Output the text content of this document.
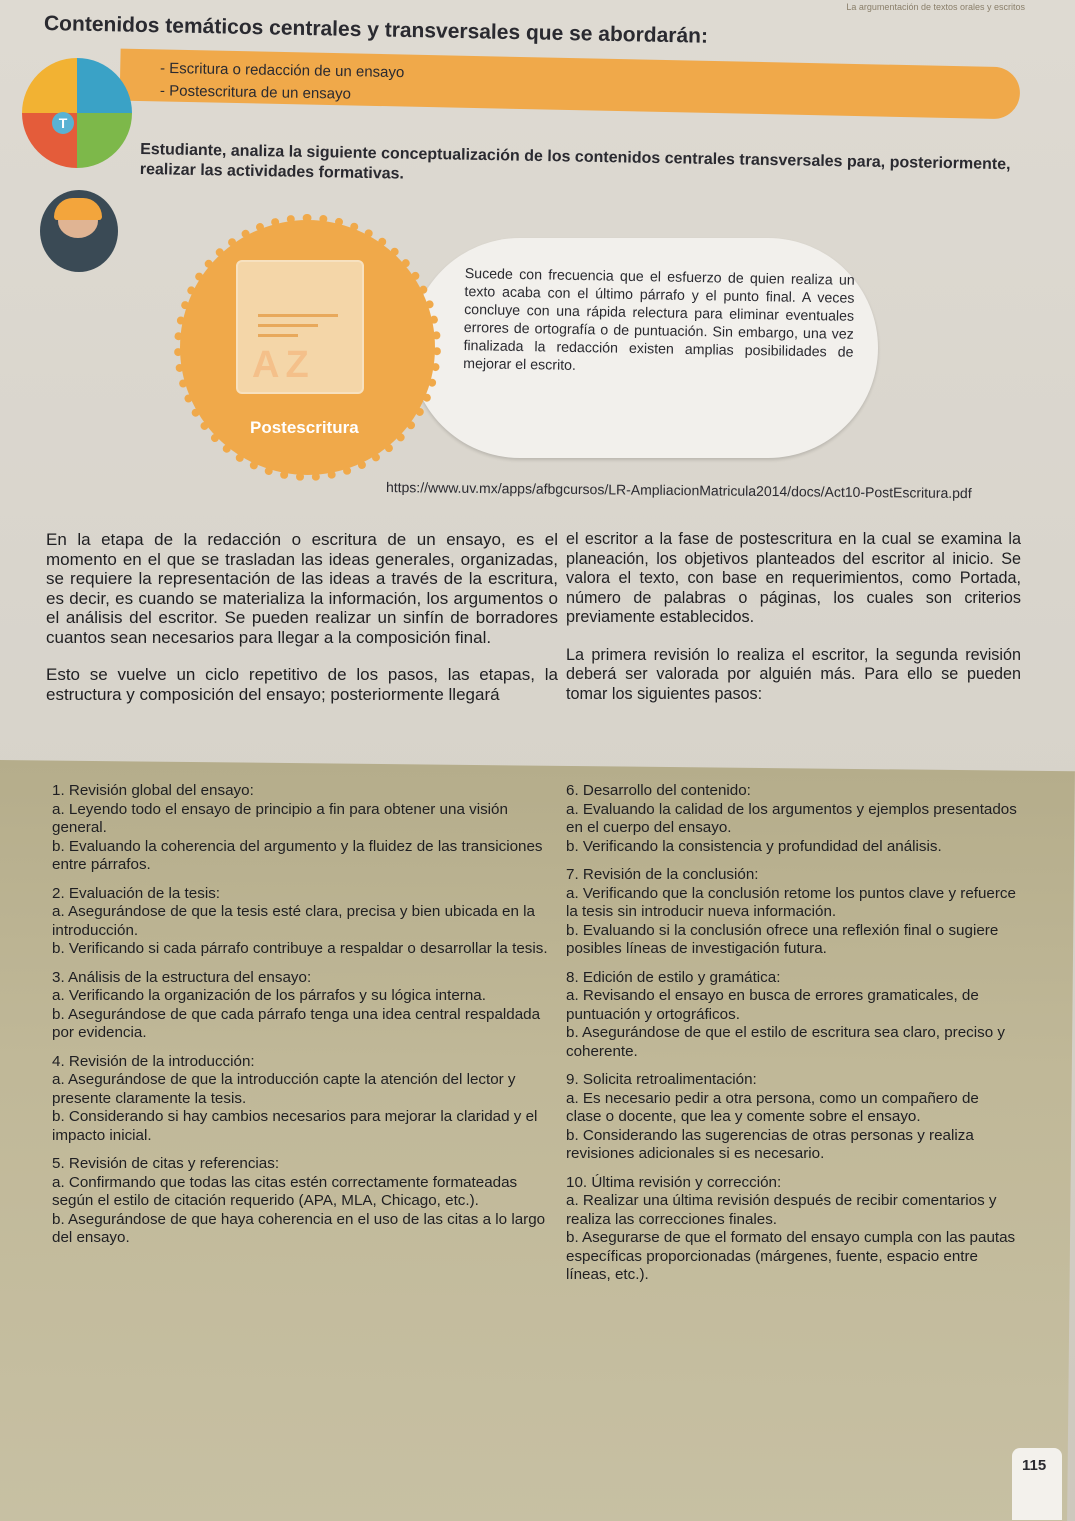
La argumentación de textos orales y escritos
Contenidos temáticos centrales y transversales que se abordarán:
- Escritura o redacción de un ensayo
- Postescritura de un ensayo
T
Estudiante, analiza la siguiente conceptualización de los contenidos centrales transversales para, posteriormente, realizar las actividades formativas.
AZ
Postescritura
Sucede con frecuencia que el esfuerzo de quien realiza un texto acaba con el último párrafo y el punto final. A veces concluye con una rápida relectura para eliminar eventuales errores de ortografía o de puntuación. Sin embargo, una vez finalizada la redacción existen amplias posibilidades de mejorar el escrito.
https://www.uv.mx/apps/afbgcursos/LR-AmpliacionMatricula2014/docs/Act10-PostEscritura.pdf

En la etapa de la redacción o escritura de un ensayo, es el momento en el que se trasladan las ideas generales, organizadas, se requiere la representación de las ideas a través de la escritura, es decir, es cuando se materializa la información, los argumentos o el análisis del escritor. Se pueden realizar un sinfín de borradores cuantos sean necesarios para llegar a la composición final.

Esto se vuelve un ciclo repetitivo de los pasos, las etapas, la estructura y composición del ensayo; posteriormente llegará

el escritor a la fase de postescritura en la cual se examina la planeación, los objetivos planteados del escritor al inicio. Se valora el texto, con base en requerimientos, como Portada, número de palabras o páginas, los cuales son criterios previamente establecidos.

La primera revisión lo realiza el escritor, la segunda revisión deberá ser valorada por alguién más. Para ello se pueden tomar los siguientes pasos:

1. Revisión global del ensayo:
a. Leyendo todo el ensayo de principio a fin para obtener una visión general.
b. Evaluando la coherencia del argumento y la fluidez de las transiciones entre párrafos.
2. Evaluación de la tesis:
a. Asegurándose de que la tesis esté clara, precisa y bien ubicada en la introducción.
b. Verificando si cada párrafo contribuye a respaldar o desarrollar la tesis.
3. Análisis de la estructura del ensayo:
a. Verificando la organización de los párrafos y su lógica interna.
b. Asegurándose de que cada párrafo tenga una idea central respaldada por evidencia.
4. Revisión de la introducción:
a. Asegurándose de que la introducción capte la atención del lector y presente claramente la tesis.
b. Considerando si hay cambios necesarios para mejorar la claridad y el impacto inicial.
5. Revisión de citas y referencias:
a. Confirmando que todas las citas estén correctamente formateadas según el estilo de citación requerido (APA, MLA, Chicago, etc.).
b. Asegurándose de que haya coherencia en el uso de las citas a lo largo del ensayo.
6. Desarrollo del contenido:
a. Evaluando la calidad de los argumentos y ejemplos presentados en el cuerpo del ensayo.
b. Verificando la consistencia y profundidad del análisis.
7. Revisión de la conclusión:
a. Verificando que la conclusión retome los puntos clave y refuerce la tesis sin introducir nueva información.
b. Evaluando si la conclusión ofrece una reflexión final o sugiere posibles líneas de investigación futura.
8. Edición de estilo y gramática:
a. Revisando el ensayo en busca de errores gramaticales, de puntuación y ortográficos.
b. Asegurándose de que el estilo de escritura sea claro, preciso y coherente.
9. Solicita retroalimentación:
a. Es necesario pedir a otra persona, como un compañero de clase o docente, que lea y comente sobre el ensayo.
b. Considerando las sugerencias de otras personas y realiza revisiones adicionales si es necesario.
10. Última revisión y corrección:
a. Realizar una última revisión después de recibir comentarios y realiza las correcciones finales.
b. Asegurarse de que el formato del ensayo cumpla con las pautas específicas proporcionadas (márgenes, fuente, espacio entre líneas, etc.).
115
